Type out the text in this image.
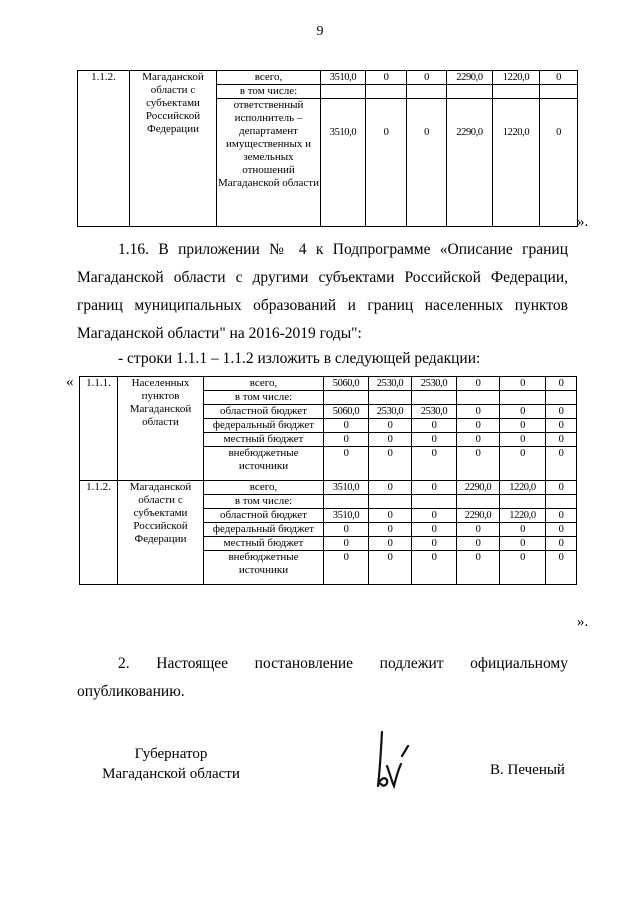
9
1.1.2.	Магаданской области с субъектами Российской Федерации	всего,	3510,0	0	0	2290,0	1220,0	0
		в том числе:						
		ответственный исполнитель – департамент имущественных и земельных отношений Магаданской области	3510,0	0	0	2290,0	1220,0	0
».
1.16. В приложении № 4 к Подпрограмме «Описание границ
Магаданской области с другими субъектами Российской Федерации,
границ муниципальных образований и границ населенных пунктов
Магаданской области" на 2016-2019 годы":
- строки 1.1.1 – 1.1.2 изложить в следующей редакции:
« 1.1.1.	Населенных пунктов Магаданской области	всего,	5060,0	2530,0	2530,0	0	0	0
		в том числе:						
		областной бюджет	5060,0	2530,0	2530,0	0	0	0
		федеральный бюджет	0	0	0	0	0	0
		местный бюджет	0	0	0	0	0	0
		внебюджетные источники	0	0	0	0	0	0
1.1.2.	Магаданской области с субъектами Российской Федерации	всего,	3510,0	0	0	2290,0	1220,0	0
		в том числе:						
		областной бюджет	3510,0	0	0	2290,0	1220,0	0
		федеральный бюджет	0	0	0	0	0	0
		местный бюджет	0	0	0	0	0	0
		внебюджетные источники	0	0	0	0	0	0
».
2. Настоящее постановление подлежит официальному
опубликованию.
Губернатор Магаданской области	В. Печеный
